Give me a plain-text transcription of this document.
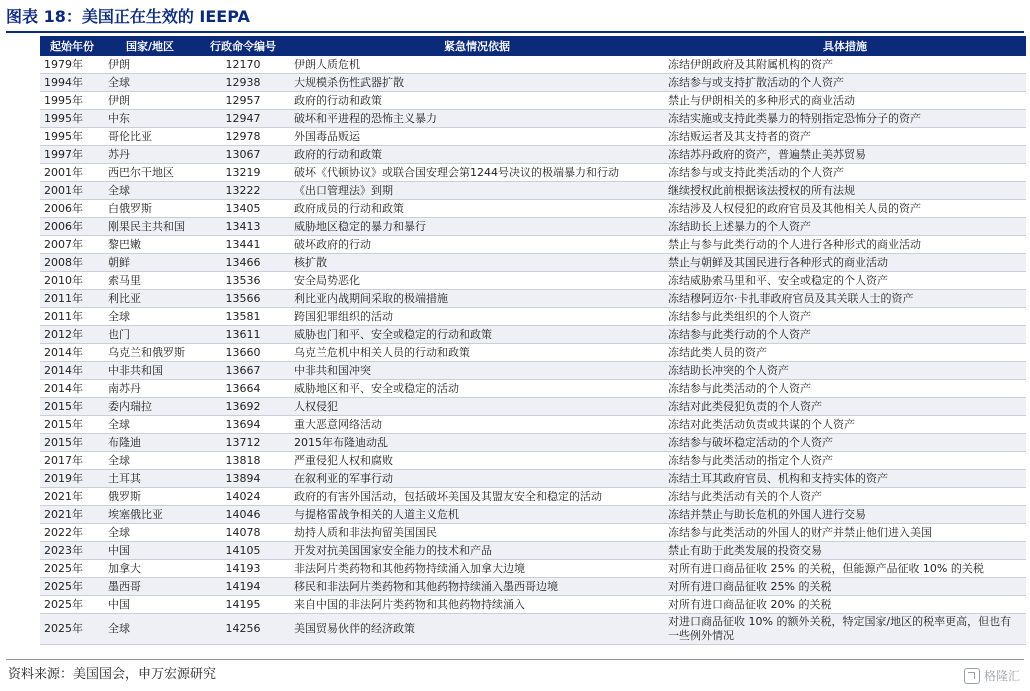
图表 18：美国正在生效的 IEEPA
起始年份	国家/地区	行政命令编号	紧急情况依据	具体措施
1979年	伊朗	12170	伊朗人质危机	冻结伊朗政府及其附属机构的资产
1994年	全球	12938	大规模杀伤性武器扩散	冻结参与或支持扩散活动的个人资产
1995年	伊朗	12957	政府的行动和政策	禁止与伊朗相关的多种形式的商业活动
1995年	中东	12947	破坏和平进程的恐怖主义暴力	冻结实施或支持此类暴力的特别指定恐怖分子的资产
1995年	哥伦比亚	12978	外国毒品贩运	冻结贩运者及其支持者的资产
1997年	苏丹	13067	政府的行动和政策	冻结苏丹政府的资产，普遍禁止美苏贸易
2001年	西巴尔干地区	13219	破坏《代顿协议》或联合国安理会第1244号决议的极端暴力和行动	冻结参与或支持此类活动的个人资产
2001年	全球	13222	《出口管理法》到期	继续授权此前根据该法授权的所有法规
2006年	白俄罗斯	13405	政府成员的行动和政策	冻结涉及人权侵犯的政府官员及其他相关人员的资产
2006年	刚果民主共和国	13413	威胁地区稳定的暴力和暴行	冻结助长上述暴力的个人资产
2007年	黎巴嫩	13441	破坏政府的行动	禁止与参与此类行动的个人进行各种形式的商业活动
2008年	朝鲜	13466	核扩散	禁止与朝鲜及其国民进行各种形式的商业活动
2010年	索马里	13536	安全局势恶化	冻结威胁索马里和平、安全或稳定的个人资产
2011年	利比亚	13566	利比亚内战期间采取的极端措施	冻结穆阿迈尔·卡扎菲政府官员及其关联人士的资产
2011年	全球	13581	跨国犯罪组织的活动	冻结参与此类组织的个人资产
2012年	也门	13611	威胁也门和平、安全或稳定的行动和政策	冻结参与此类行动的个人资产
2014年	乌克兰和俄罗斯	13660	乌克兰危机中相关人员的行动和政策	冻结此类人员的资产
2014年	中非共和国	13667	中非共和国冲突	冻结助长冲突的个人资产
2014年	南苏丹	13664	威胁地区和平、安全或稳定的活动	冻结参与此类活动的个人资产
2015年	委内瑞拉	13692	人权侵犯	冻结对此类侵犯负责的个人资产
2015年	全球	13694	重大恶意网络活动	冻结对此类活动负责或共谋的个人资产
2015年	布隆迪	13712	2015年布隆迪动乱	冻结参与破坏稳定活动的个人资产
2017年	全球	13818	严重侵犯人权和腐败	冻结参与此类活动的指定个人资产
2019年	土耳其	13894	在叙利亚的军事行动	冻结土耳其政府官员、机构和支持实体的资产
2021年	俄罗斯	14024	政府的有害外国活动，包括破坏美国及其盟友安全和稳定的活动	冻结与此类活动有关的个人资产
2021年	埃塞俄比亚	14046	与提格雷战争相关的人道主义危机	冻结并禁止与助长危机的外国人进行交易
2022年	全球	14078	劫持人质和非法拘留美国国民	冻结参与此类活动的外国人的财产并禁止他们进入美国
2023年	中国	14105	开发对抗美国国家安全能力的技术和产品	禁止有助于此类发展的投资交易
2025年	加拿大	14193	非法阿片类药物和其他药物持续涌入加拿大边境	对所有进口商品征收 25% 的关税，但能源产品征收 10% 的关税
2025年	墨西哥	14194	移民和非法阿片类药物和其他药物持续涌入墨西哥边境	对所有进口商品征收 25% 的关税
2025年	中国	14195	来自中国的非法阿片类药物和其他药物持续涌入	对所有进口商品征收 20% 的关税
2025年	全球	14256	美国贸易伙伴的经济政策	对进口商品征收 10% 的额外关税，特定国家/地区的税率更高，但也有一些例外情况
资料来源：美国国会，申万宏源研究	格隆汇
